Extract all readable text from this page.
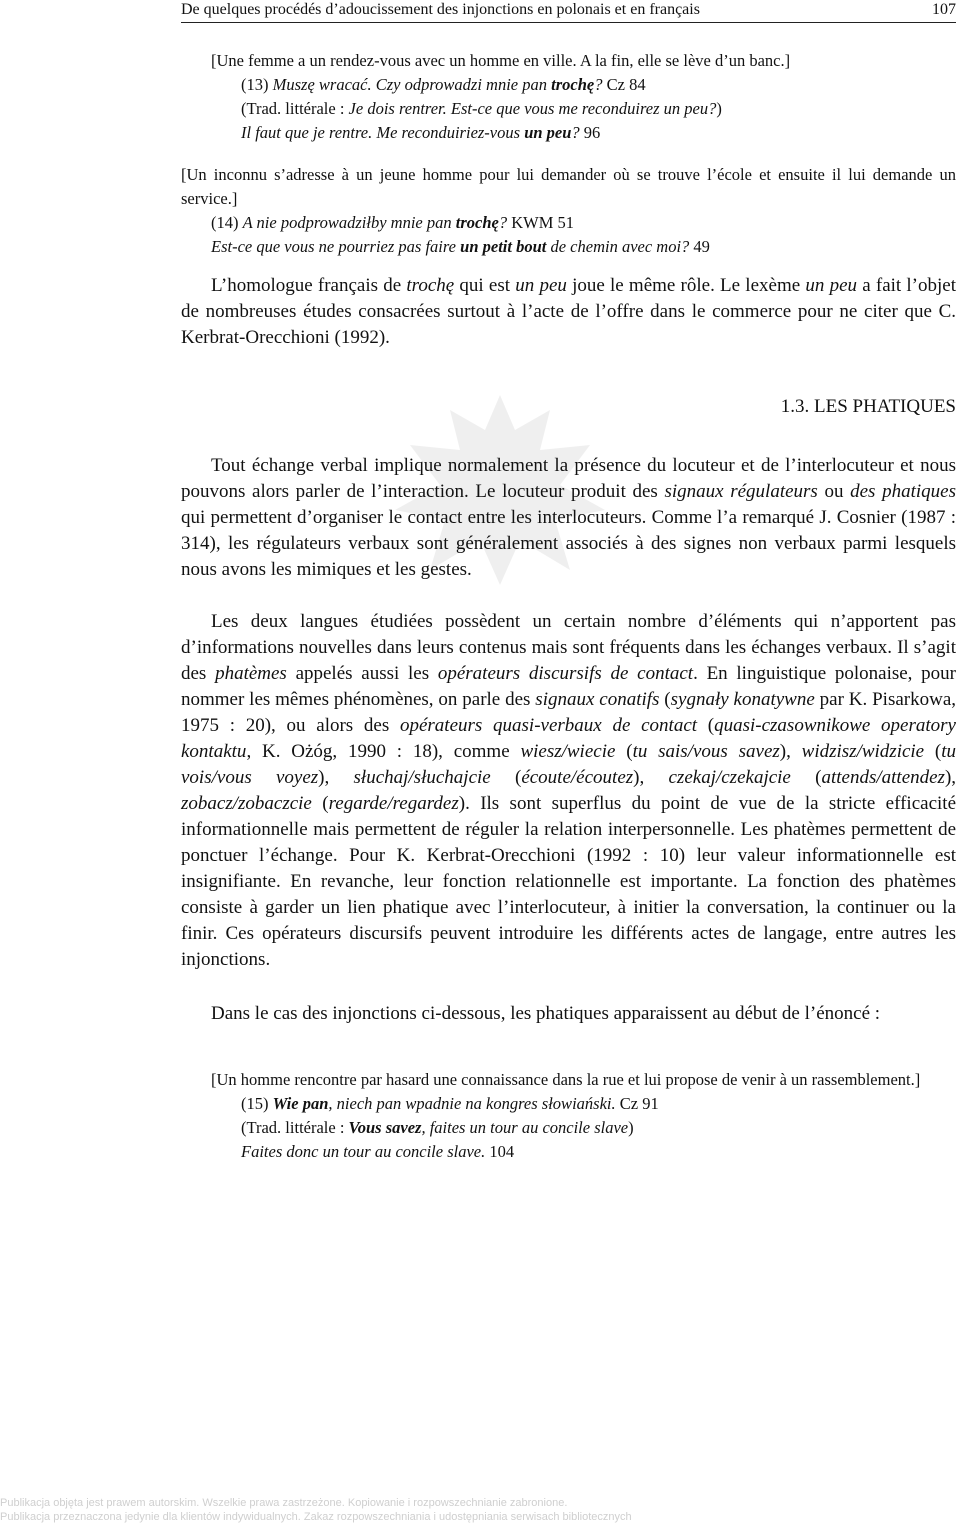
De quelques procédés d’adoucissement des injonctions en polonais et en français	107

[Une femme a un rendez-vous avec un homme en ville. A la fin, elle se lève d’un banc.]

(13) Muszę wracać. Czy odprowadzi mnie pan trochę? Cz 84

(Trad. littérale : Je dois rentrer. Est-ce que vous me reconduirez un peu?)

Il faut que je rentre. Me reconduiriez-vous un peu? 96

[Un inconnu s’adresse à un jeune homme pour lui demander où se trouve l’école et ensuite il lui demande un service.]

(14) A nie podprowadziłby mnie pan trochę? KWM 51

Est-ce que vous ne pourriez pas faire un petit bout de chemin avec moi? 49

L’homologue français de trochę qui est un peu joue le même rôle. Le lexème un peu a fait l’objet de nombreuses études consacrées surtout à l’acte de l’offre dans le commerce pour ne citer que C. Kerbrat-Orecchioni (1992).

1.3. LES PHATIQUES

Tout échange verbal implique normalement la présence du locuteur et de l’interlocuteur et nous pouvons alors parler de l’interaction. Le locuteur produit des signaux régulateurs ou des phatiques qui permettent d’organiser le contact entre les interlocuteurs. Comme l’a remarqué J. Cosnier (1987 : 314), les régulateurs verbaux sont généralement associés à des signes non verbaux parmi lesquels nous avons les mimiques et les gestes.

Les deux langues étudiées possèdent un certain nombre d’éléments qui n’apportent pas d’informations nouvelles dans leurs contenus mais sont fréquents dans les échanges verbaux. Il s’agit des phatèmes appelés aussi les opérateurs discursifs de contact. En linguistique polonaise, pour nommer les mêmes phénomènes, on parle des signaux conatifs (sygnały konatywne par K. Pisarkowa, 1975 : 20), ou alors des opérateurs quasi-verbaux de contact (quasi-czasownikowe operatory kontaktu, K. Ożóg, 1990 : 18), comme wiesz/wiecie (tu sais/vous savez), widzisz/widzicie (tu vois/vous voyez), słuchaj/słuchajcie (écoute/écoutez), czekaj/czekajcie (attends/attendez), zobacz/zobaczcie (regarde/regardez). Ils sont superflus du point de vue de la stricte efficacité informationnelle mais permettent de réguler la relation interpersonnelle. Les phatèmes permettent de ponctuer l’échange. Pour K. Kerbrat-Orecchioni (1992 : 10) leur valeur informationnelle est insignifiante. En revanche, leur fonction relationnelle est importante. La fonction des phatèmes consiste à garder un lien phatique avec l’interlocuteur, à initier la conversation, la continuer ou la finir. Ces opérateurs discursifs peuvent introduire les différents actes de langage, entre autres les injonctions.

Dans le cas des injonctions ci-dessous, les phatiques apparaissent au début de l’énoncé :

[Un homme rencontre par hasard une connaissance dans la rue et lui propose de venir à un rassemblement.]

(15) Wie pan, niech pan wpadnie na kongres słowiański. Cz 91

(Trad. littérale : Vous savez, faites un tour au concile slave)

Faites donc un tour au concile slave. 104

Publikacja objęta jest prawem autorskim. Wszelkie prawa zastrzeżone. Kopiowanie i rozpowszechnianie zabronione.
Publikacja przeznaczona jedynie dla klientów indywidualnych. Zakaz rozpowszechniania i udostępniania serwisach bibliotecznych
